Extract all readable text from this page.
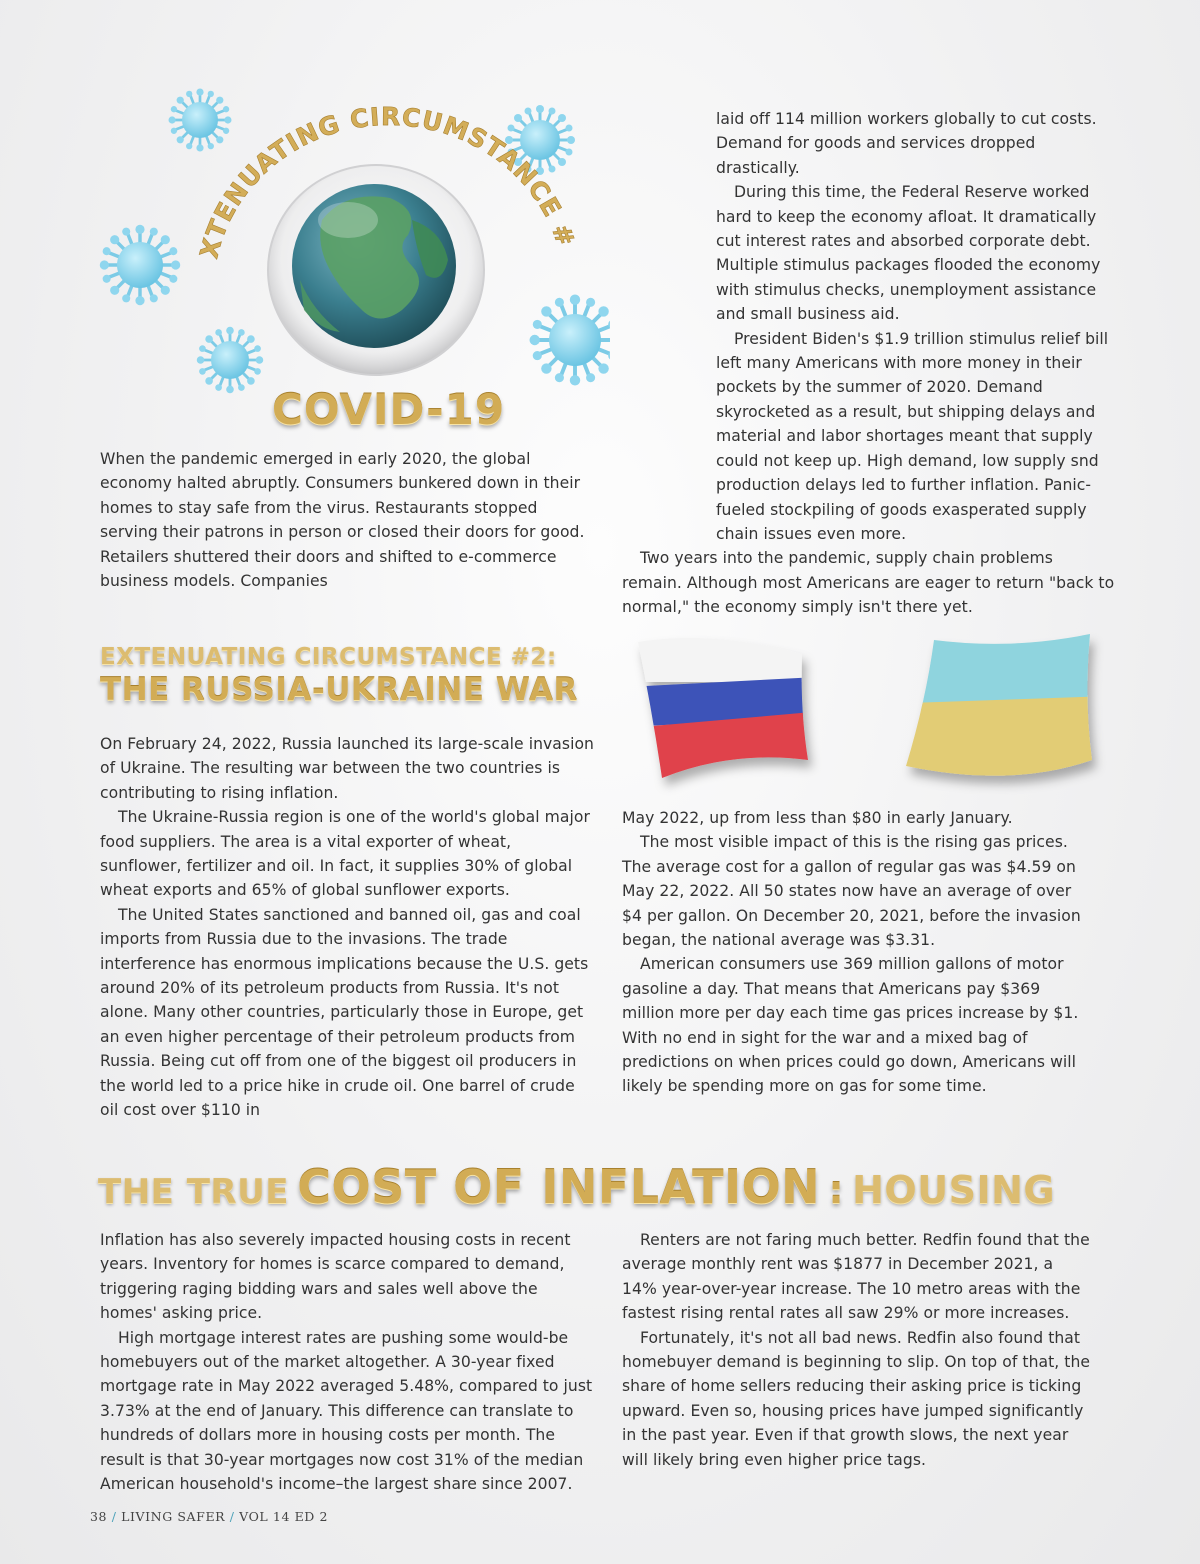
XTENUATING CIRCUMSTANCE #
COVID-19

When the pandemic emerged in early 2020, the global economy halted abruptly. Consumers bunkered down in their homes to stay safe from the virus. Restaurants stopped serving their patrons in person or closed their doors for good. Retailers shuttered their doors and shifted to e-commerce business models. Companies

laid off 114 million workers globally to cut costs. Demand for goods and services dropped drastically.

During this time, the Federal Reserve worked hard to keep the economy afloat. It dramatically cut interest rates and absorbed corporate debt. Multiple stimulus packages flooded the economy with stimulus checks, unemployment assistance and small business aid.

President Biden's $1.9 trillion stimulus relief bill left many Americans with more money in their pockets by the summer of 2020. Demand skyrocketed as a result, but shipping delays and material and labor shortages meant that supply could not keep up. High demand, low supply snd production delays led to further inflation. Panic-fueled stockpiling of goods exasperated supply chain issues even more.

Two years into the pandemic, supply chain problems remain. Although most Americans are eager to return "back to normal," the economy simply isn't there yet.

EXTENUATING CIRCUMSTANCE #2:
THE RUSSIA-UKRAINE WAR

On February 24, 2022, Russia launched its large-scale invasion of Ukraine. The resulting war between the two countries is contributing to rising inflation.

The Ukraine-Russia region is one of the world's global major food suppliers. The area is a vital exporter of wheat, sunflower, fertilizer and oil. In fact, it supplies 30% of global wheat exports and 65% of global sunflower exports.

The United States sanctioned and banned oil, gas and coal imports from Russia due to the invasions. The trade interference has enormous implications because the U.S. gets around 20% of its petroleum products from Russia. It's not alone. Many other countries, particularly those in Europe, get an even higher percentage of their petroleum products from Russia. Being cut off from one of the biggest oil producers in the world led to a price hike in crude oil. One barrel of crude oil cost over $110 in

May 2022, up from less than $80 in early January.

The most visible impact of this is the rising gas prices. The average cost for a gallon of regular gas was $4.59 on May 22, 2022. All 50 states now have an average of over $4 per gallon. On December 20, 2021, before the invasion began, the national average was $3.31.

American consumers use 369 million gallons of motor gasoline a day. That means that Americans pay $369 million more per day each time gas prices increase by $1. With no end in sight for the war and a mixed bag of predictions on when prices could go down, Americans will likely be spending more on gas for some time.

THE TRUE COST OF INFLATION : HOUSING

Inflation has also severely impacted housing costs in recent years. Inventory for homes is scarce compared to demand, triggering raging bidding wars and sales well above the homes' asking price.

High mortgage interest rates are pushing some would-be homebuyers out of the market altogether. A 30-year fixed mortgage rate in May 2022 averaged 5.48%, compared to just 3.73% at the end of January. This difference can translate to hundreds of dollars more in housing costs per month. The result is that 30-year mortgages now cost 31% of the median American household's income–the largest share since 2007.

Renters are not faring much better. Redfin found that the average monthly rent was $1877 in December 2021, a 14% year-over-year increase. The 10 metro areas with the fastest rising rental rates all saw 29% or more increases.

Fortunately, it's not all bad news. Redfin also found that homebuyer demand is beginning to slip. On top of that, the share of home sellers reducing their asking price is ticking upward. Even so, housing prices have jumped significantly in the past year. Even if that growth slows, the next year will likely bring even higher price tags.

38 / LIVING SAFER / VOL 14 ED 2
